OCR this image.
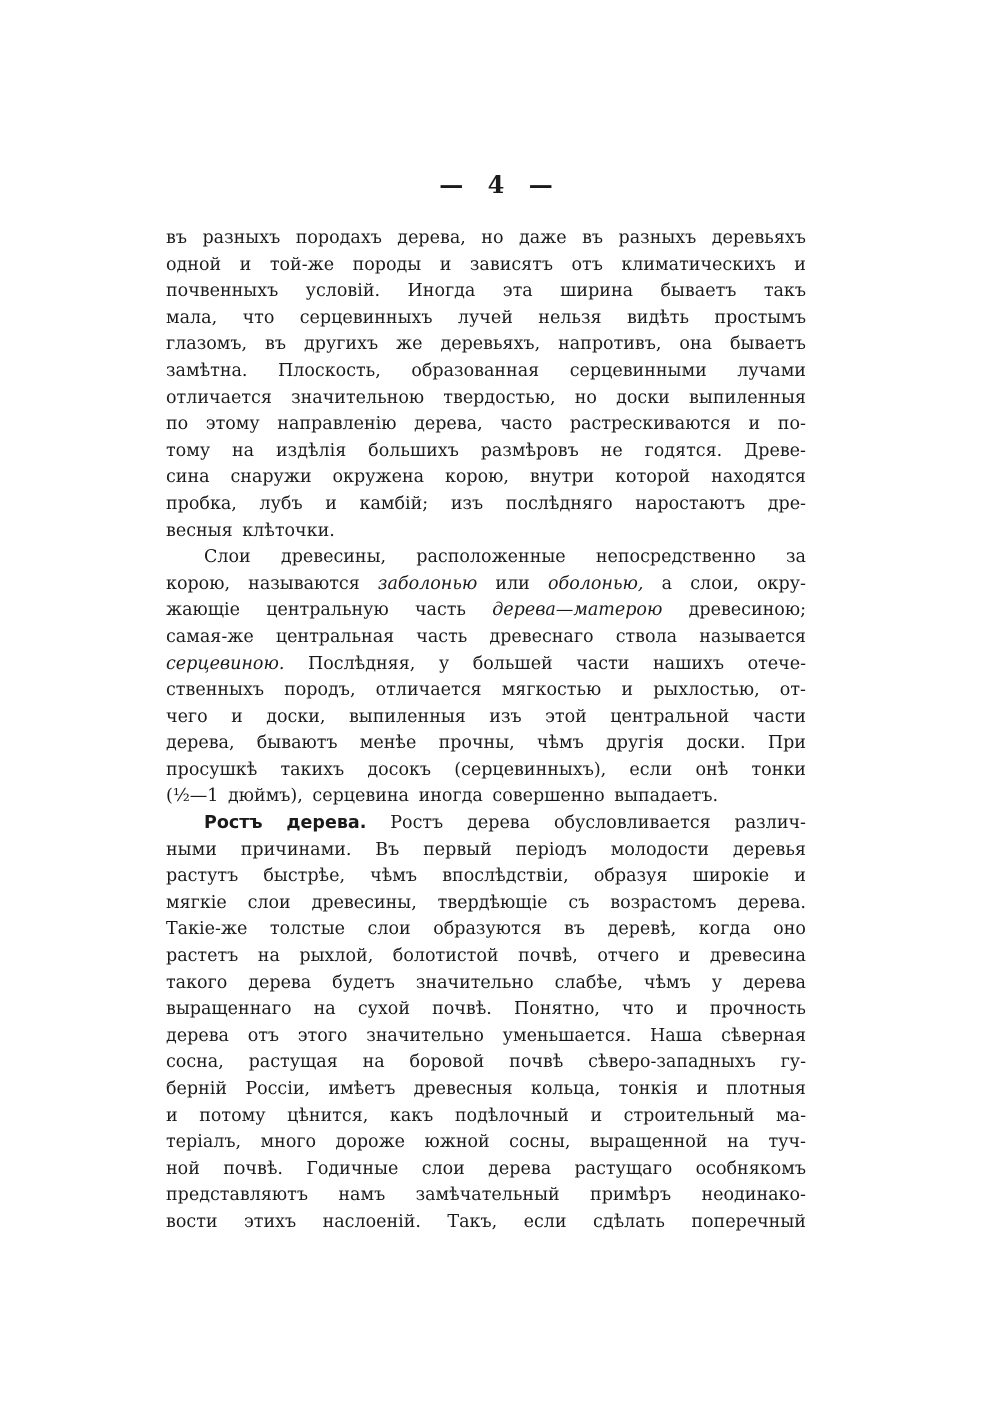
— 4 —
въ разныхъ породахъ дерева, но даже въ разныхъ деревьяхъ
одной и той-же породы и зависятъ отъ климатическихъ и
почвенныхъ условій. Иногда эта ширина бываетъ такъ
мала, что серцевинныхъ лучей нельзя видѣть простымъ
глазомъ, въ другихъ же деревьяхъ, напротивъ, она бываетъ
замѣтна. Плоскость, образованная серцевинными лучами
отличается значительною твердостью, но доски выпиленныя
по этому направленію дерева, часто растрескиваются и по-
тому на издѣлія большихъ размѣровъ не годятся. Древе-
сина снаружи окружена корою, внутри которой находятся
пробка, лубъ и камбій; изъ послѣдняго наростаютъ дре-
весныя
клѣточки.
Слои древесины, расположенные непосредственно за
корою, называются заболонью или оболонью, а слои, окру-
жающіе центральную часть дерева—матерою древесиною;
самая-же центральная часть древеснаго ствола называется
серцевиною. Послѣдняя, у большей части нашихъ отече-
ственныхъ породъ, отличается мягкостью и рыхлостью, от-
чего и доски, выпиленныя изъ этой центральной части
дерева, бываютъ менѣе прочны, чѣмъ другія доски. При
просушкѣ такихъ досокъ (серцевинныхъ), если онѣ тонки
(½—1
дюймъ),
серцевина
иногда
совершенно
выпадаетъ.
Ростъ дерева. Ростъ дерева обусловливается различ-
ными причинами. Въ первый періодъ молодости деревья
растутъ быстрѣе, чѣмъ впослѣдствіи, образуя широкіе и
мягкіе слои древесины, твердѣющіе съ возрастомъ дерева.
Такіе-же толстые слои образуются въ деревѣ, когда оно
растетъ на рыхлой, болотистой почвѣ, отчего и древесина
такого дерева будетъ значительно слабѣе, чѣмъ у дерева
выращеннаго на сухой почвѣ. Понятно, что и прочность
дерева отъ этого значительно уменьшается. Наша сѣверная
сосна, растущая на боровой почвѣ сѣверо-западныхъ гу-
берній Россіи, имѣетъ древесныя кольца, тонкія и плотныя
и потому цѣнится, какъ подѣлочный и строительный ма-
теріалъ, много дороже южной сосны, выращенной на туч-
ной почвѣ. Годичные слои дерева растущаго особнякомъ
представляютъ намъ замѣчательный примѣръ неодинако-
вости этихъ наслоеній. Такъ, если сдѣлать поперечный
